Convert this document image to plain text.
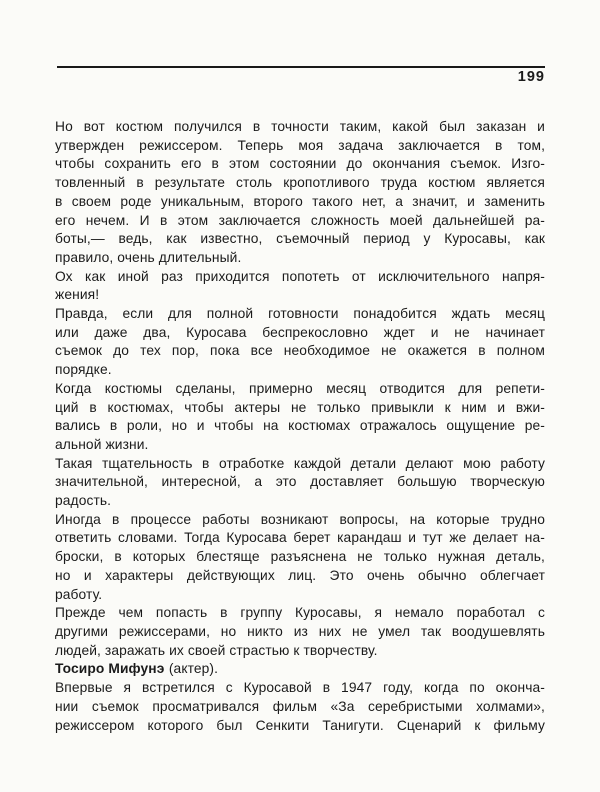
199
Но вот костюм получился в точности таким, какой был заказан и
утвержден режиссером. Теперь моя задача заключается в том,
чтобы сохранить его в этом состоянии до окончания съемок. Изго-
товленный в результате столь кропотливого труда костюм является
в своем роде уникальным, второго такого нет, а значит, и заменить
его нечем. И в этом заключается сложность моей дальнейшей ра-
боты,— ведь, как известно, съемочный период у Куросавы, как
правило, очень длительный.
Ох как иной раз приходится попотеть от исключительного напря-
жения!
Правда, если для полной готовности понадобится ждать месяц
или даже два, Куросава беспрекословно ждет и не начинает
съемок до тех пор, пока все необходимое не окажется в полном
порядке.
Когда костюмы сделаны, примерно месяц отводится для репети-
ций в костюмах, чтобы актеры не только привыкли к ним и вжи-
вались в роли, но и чтобы на костюмах отражалось ощущение ре-
альной жизни.
Такая тщательность в отработке каждой детали делают мою работу
значительной, интересной, а это доставляет большую творческую
радость.
Иногда в процессе работы возникают вопросы, на которые трудно
ответить словами. Тогда Куросава берет карандаш и тут же делает на-
броски, в которых блестяще разъяснена не только нужная деталь,
но и характеры действующих лиц. Это очень обычно облегчает
работу.
Прежде чем попасть в группу Куросавы, я немало поработал с
другими режиссерами, но никто из них не умел так воодушевлять
людей, заражать их своей страстью к творчеству.
Тосиро Мифунэ (актер).
Впервые я встретился с Куросавой в 1947 году, когда по оконча-
нии съемок просматривался фильм «За серебристыми холмами»,
режиссером которого был Сенкити Танигути. Сценарий к фильму
